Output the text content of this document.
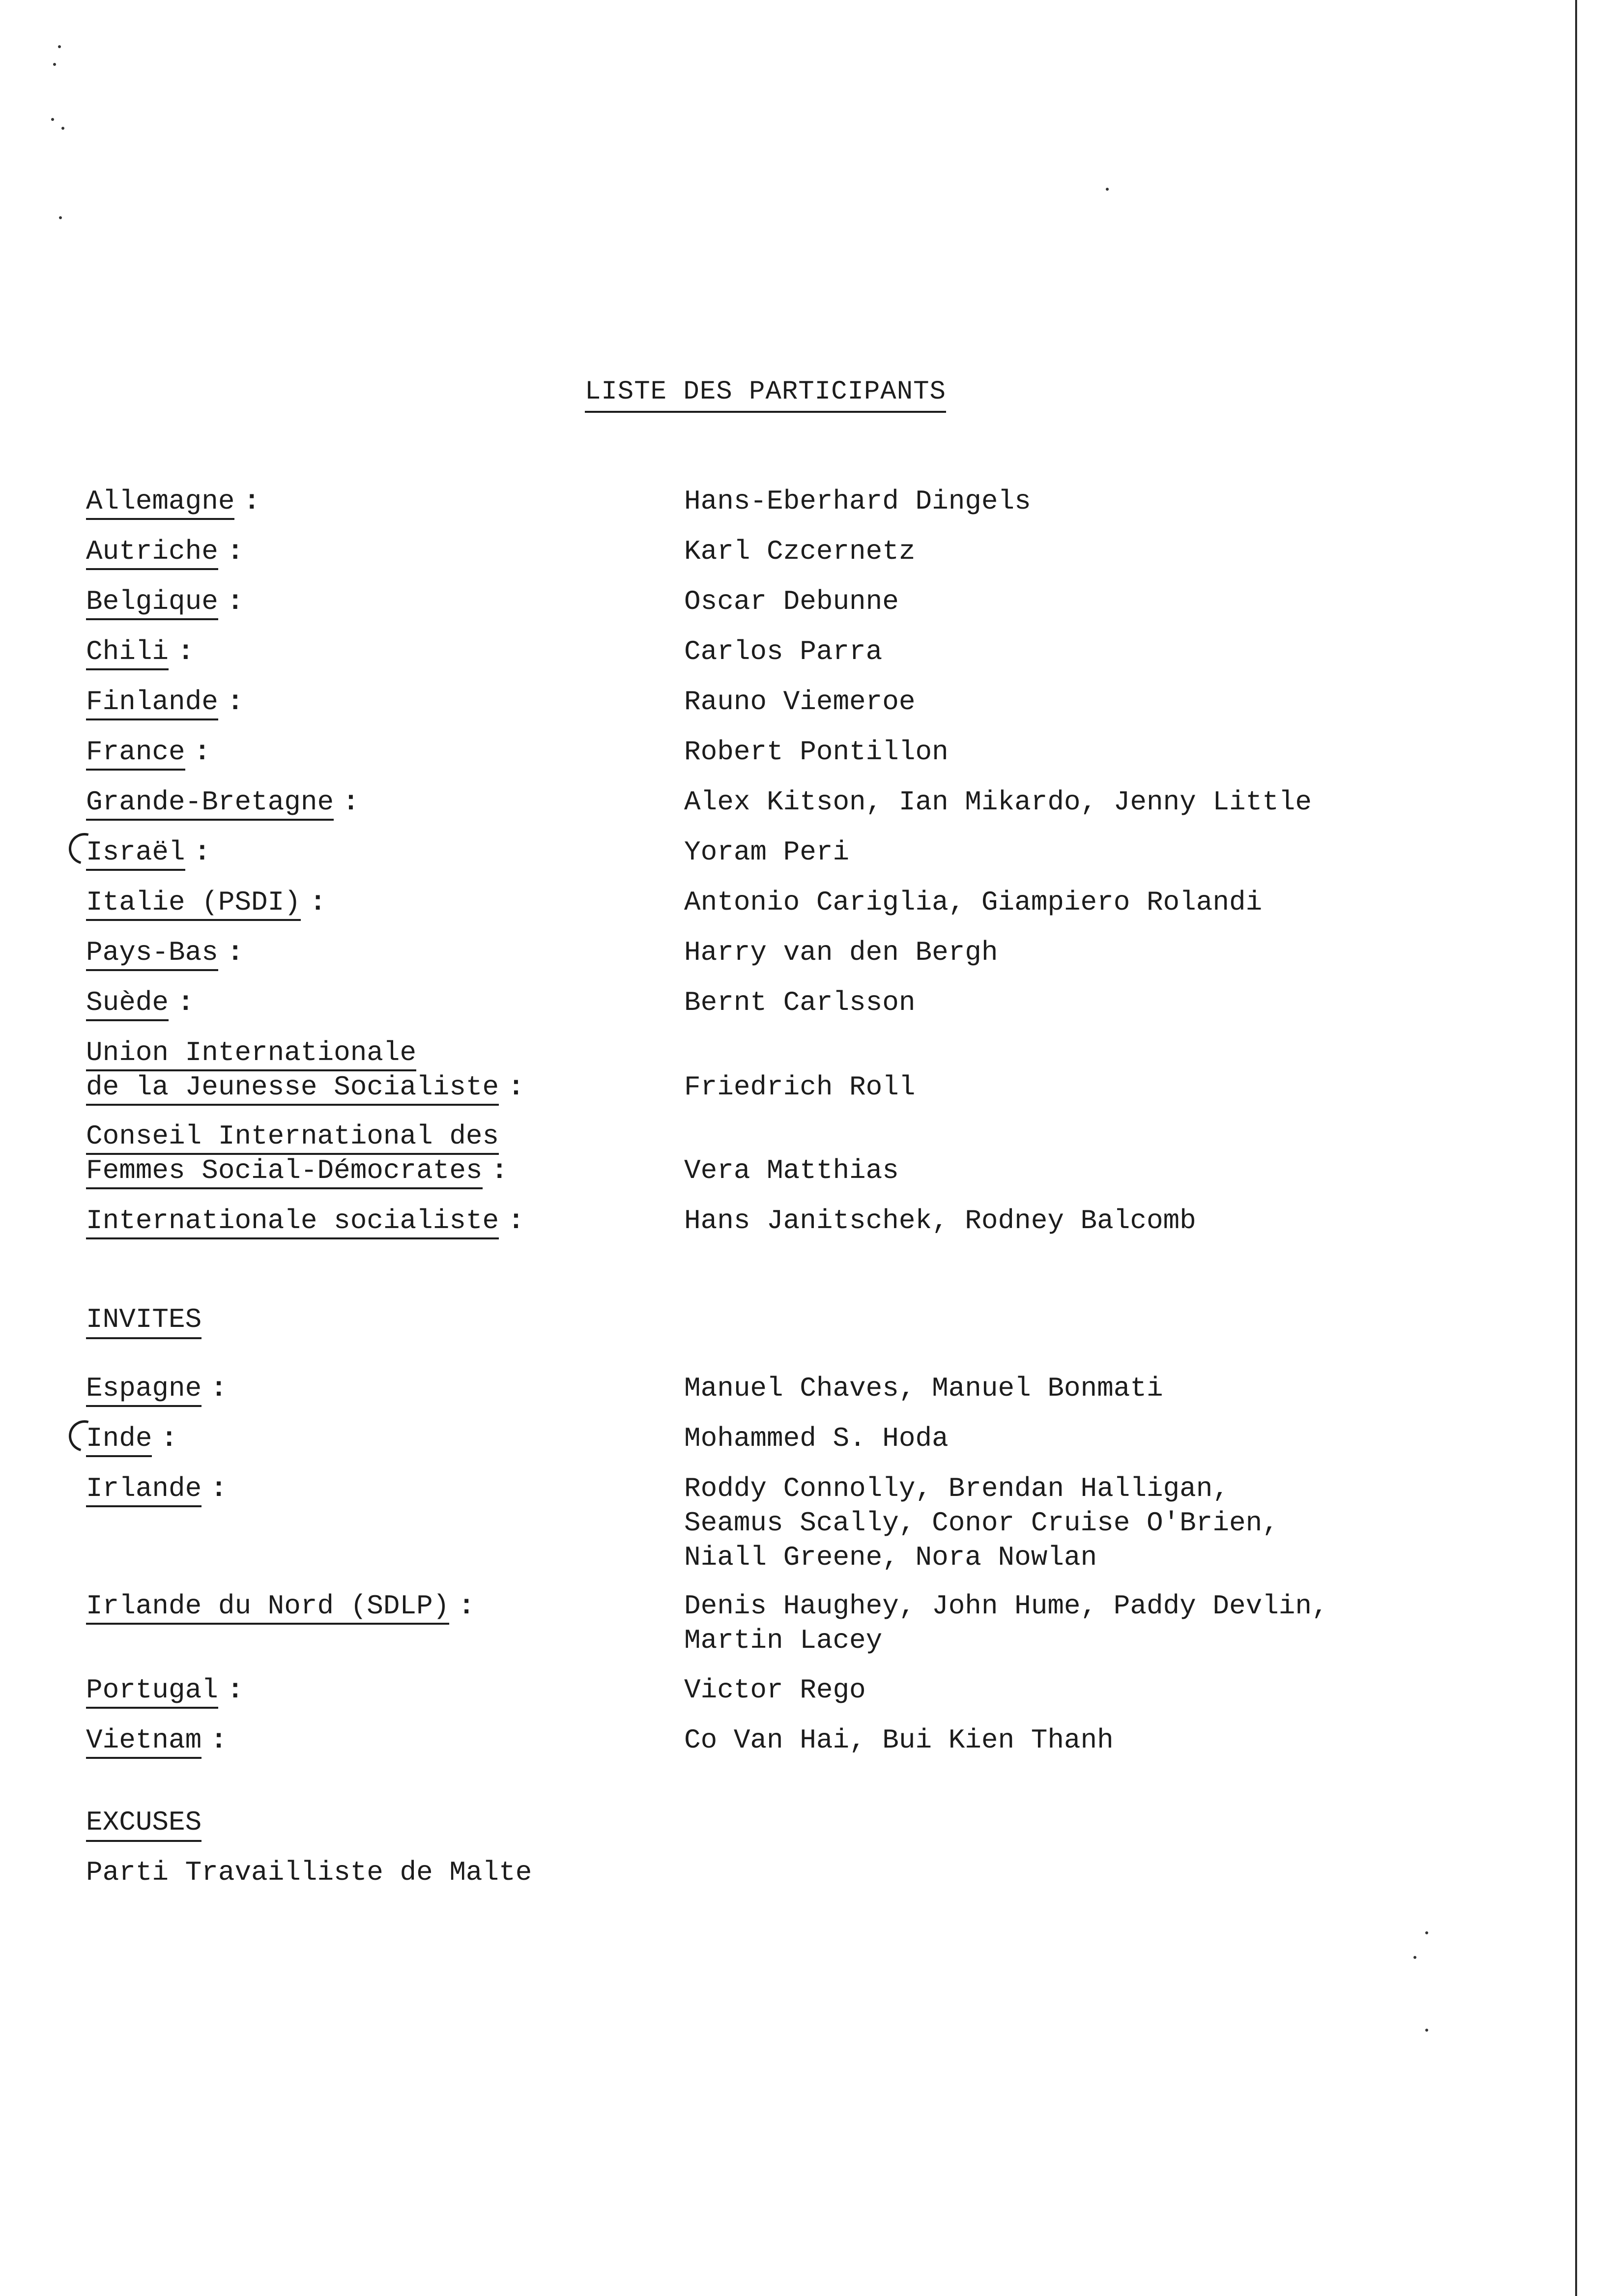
LISTE DES PARTICIPANTS
Allemagne :	Hans-Eberhard Dingels
Autriche :	Karl Czcernetz
Belgique :	Oscar Debunne
Chili :	Carlos Parra
Finlande :	Rauno Viemeroe
France :	Robert Pontillon
Grande-Bretagne :	Alex Kitson, Ian Mikardo, Jenny Little
Israël :	Yoram Peri
Italie (PSDI) :	Antonio Cariglia, Giampiero Rolandi
Pays-Bas :	Harry van den Bergh
Suède :	Bernt Carlsson
Union Internationale
de la Jeunesse Socialiste :	Friedrich Roll
Conseil International des
Femmes Social-Démocrates :	Vera Matthias
Internationale socialiste :	Hans Janitschek, Rodney Balcomb
INVITES
Espagne :	Manuel Chaves, Manuel Bonmati
Inde :	Mohammed S. Hoda
Irlande :	Roddy Connolly, Brendan Halligan,
Seamus Scally, Conor Cruise O'Brien,
Niall Greene, Nora Nowlan
Irlande du Nord (SDLP) :	Denis Haughey, John Hume, Paddy Devlin,
Martin Lacey
Portugal :	Victor Rego
Vietnam :	Co Van Hai, Bui Kien Thanh
EXCUSES
Parti Travailliste de Malte
